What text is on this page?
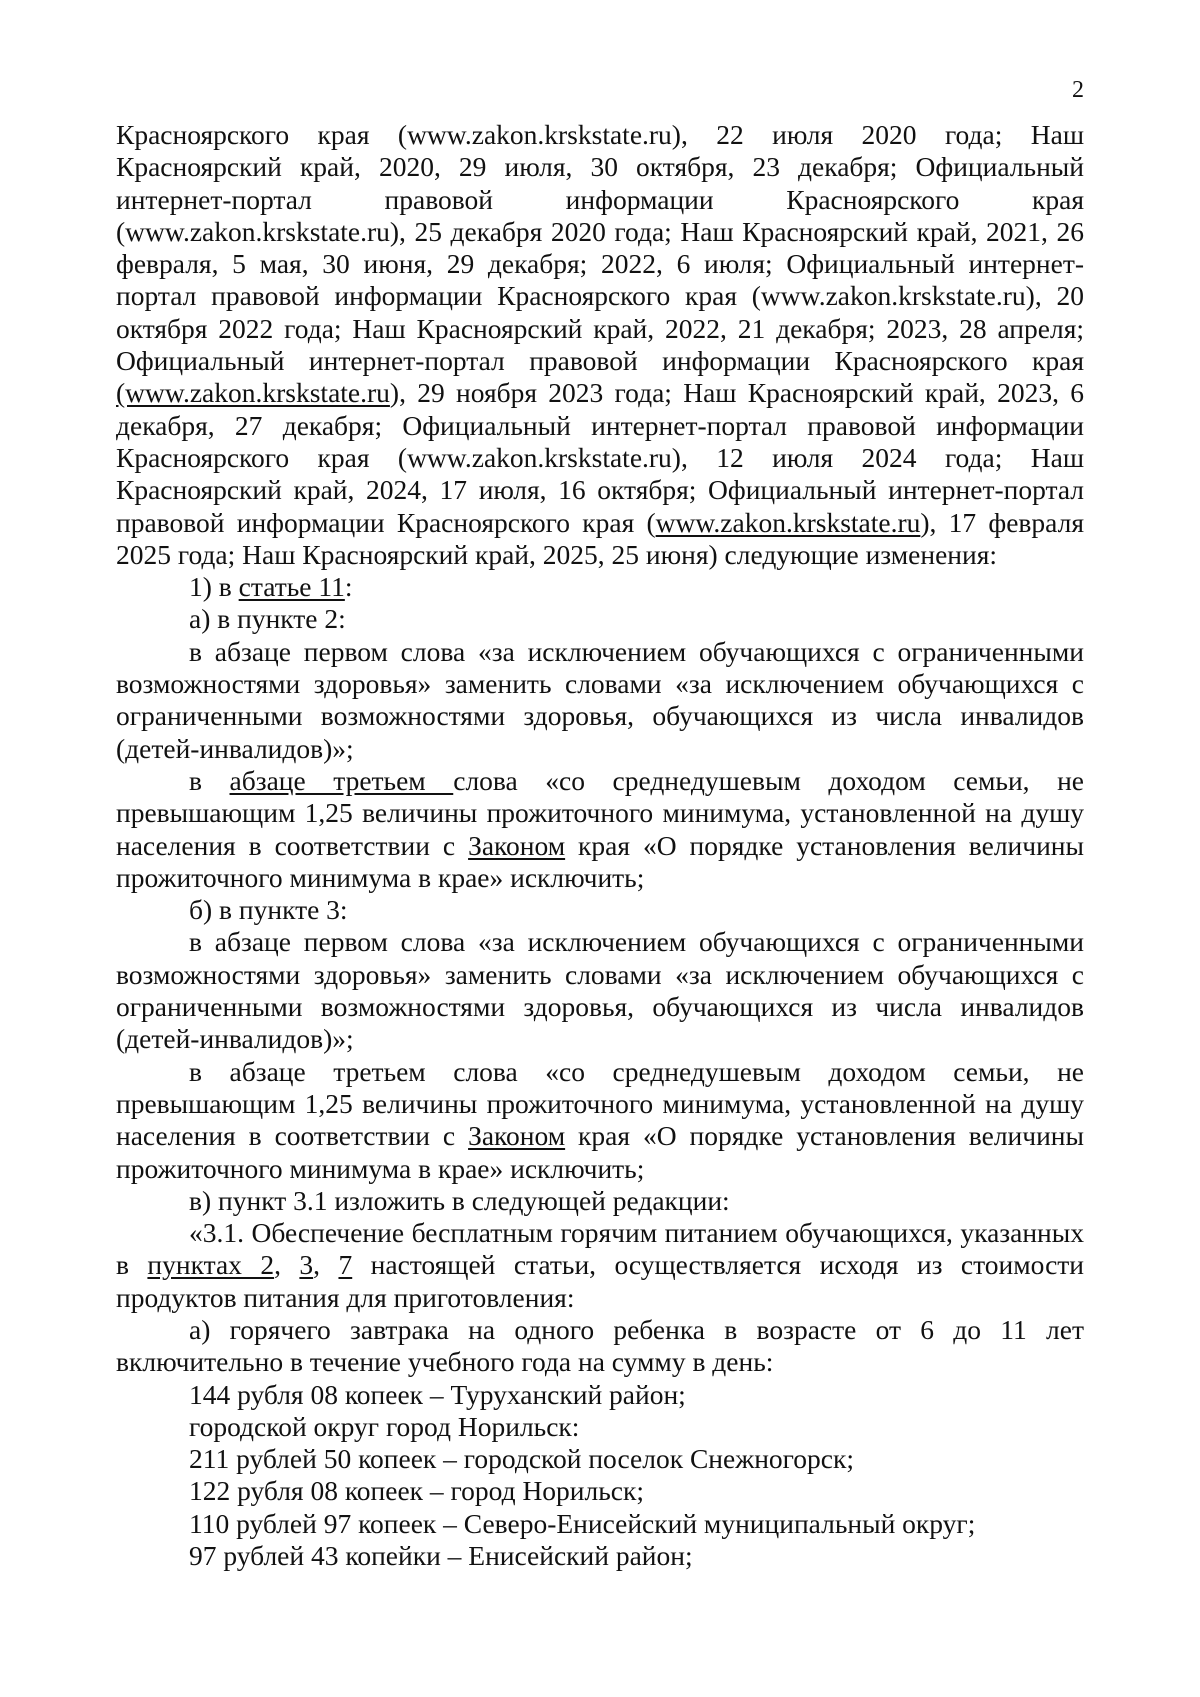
2

Красноярского края (www.zakon.krskstate.ru), 22 июля 2020 года; Наш Красноярский край, 2020, 29 июля, 30 октября, 23 декабря; Официальный интернет-портал правовой информации Красноярского края (www.zakon.krskstate.ru), 25 декабря 2020 года; Наш Красноярский край, 2021, 26 февраля, 5 мая, 30 июня, 29 декабря; 2022, 6 июля; Официальный интернет-портал правовой информации Красноярского края (www.zakon.krskstate.ru), 20 октября 2022 года; Наш Красноярский край, 2022, 21 декабря; 2023, 28 апреля; Официальный интернет-портал правовой информации Красноярского края (www.zakon.krskstate.ru), 29 ноября 2023 года; Наш Красноярский край, 2023, 6 декабря, 27 декабря; Официальный интернет-портал правовой информации Красноярского края (www.zakon.krskstate.ru), 12 июля 2024 года; Наш Красноярский край, 2024, 17 июля, 16 октября; Официальный интернет-портал правовой информации Красноярского края (www.zakon.krskstate.ru), 17 февраля 2025 года; Наш Красноярский край, 2025, 25 июня) следующие изменения:

1) в статье 11:

а) в пункте 2:

в абзаце первом слова «за исключением обучающихся с ограниченными возможностями здоровья» заменить словами «за исключением обучающихся с ограниченными возможностями здоровья, обучающихся из числа инвалидов (детей-инвалидов)»;

в абзаце третьем слова «со среднедушевым доходом семьи, не превышающим 1,25 величины прожиточного минимума, установленной на душу населения в соответствии с Законом края «О порядке установления величины прожиточного минимума в крае» исключить;

б) в пункте 3:

в абзаце первом слова «за исключением обучающихся с ограниченными возможностями здоровья» заменить словами «за исключением обучающихся с ограниченными возможностями здоровья, обучающихся из числа инвалидов (детей-инвалидов)»;

в абзаце третьем слова «со среднедушевым доходом семьи, не превышающим 1,25 величины прожиточного минимума, установленной на душу населения в соответствии с Законом края «О порядке установления величины прожиточного минимума в крае» исключить;

в) пункт 3.1 изложить в следующей редакции:

«3.1. Обеспечение бесплатным горячим питанием обучающихся, указанных в пунктах 2, 3, 7 настоящей статьи, осуществляется исходя из стоимости продуктов питания для приготовления:

а) горячего завтрака на одного ребенка в возрасте от 6 до 11 лет включительно в течение учебного года на сумму в день:

144 рубля 08 копеек – Туруханский район;

городской округ город Норильск:

211 рублей 50 копеек – городской поселок Снежногорск;

122 рубля 08 копеек – город Норильск;

110 рублей 97 копеек – Северо-Енисейский муниципальный округ;

97 рублей 43 копейки – Енисейский район;
